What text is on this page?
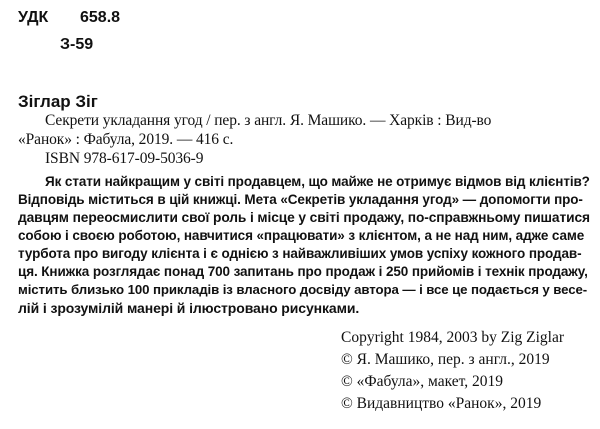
УДК 658.8
З-59
Зіглар Зіг
Секрети укладання угод / пер. з англ. Я. Машико. — Харків : Вид-во
«Ранок» : Фабула, 2019. — 416 с.
ISBN 978-617-09-5036-9
Як стати найкращим у світі продавцем, що майже не отримує відмов від клієнтів?
Відповідь міститься в цій книжці. Мета «Секретів укладання угод» — допомогти про-
давцям переосмислити свої роль і місце у світі продажу, по-справжньому пишатися
собою і своєю роботою, навчитися «працювати» з клієнтом, а не над ним, адже саме
турбота про вигоду клієнта і є однією з найважливіших умов успіху кожного продав-
ця. Книжка розглядає понад 700 запитань про продаж і 250 прийомів і технік продажу,
містить близько 100 прикладів із власного досвіду автора — і все це подається у весе-
лій і зрозумілій манері й ілюстровано рисунками.
Copyright 1984, 2003 by Zig Ziglar
© Я. Машико, пер. з англ., 2019
© «Фабула», макет, 2019
© Видавництво «Ранок», 2019
